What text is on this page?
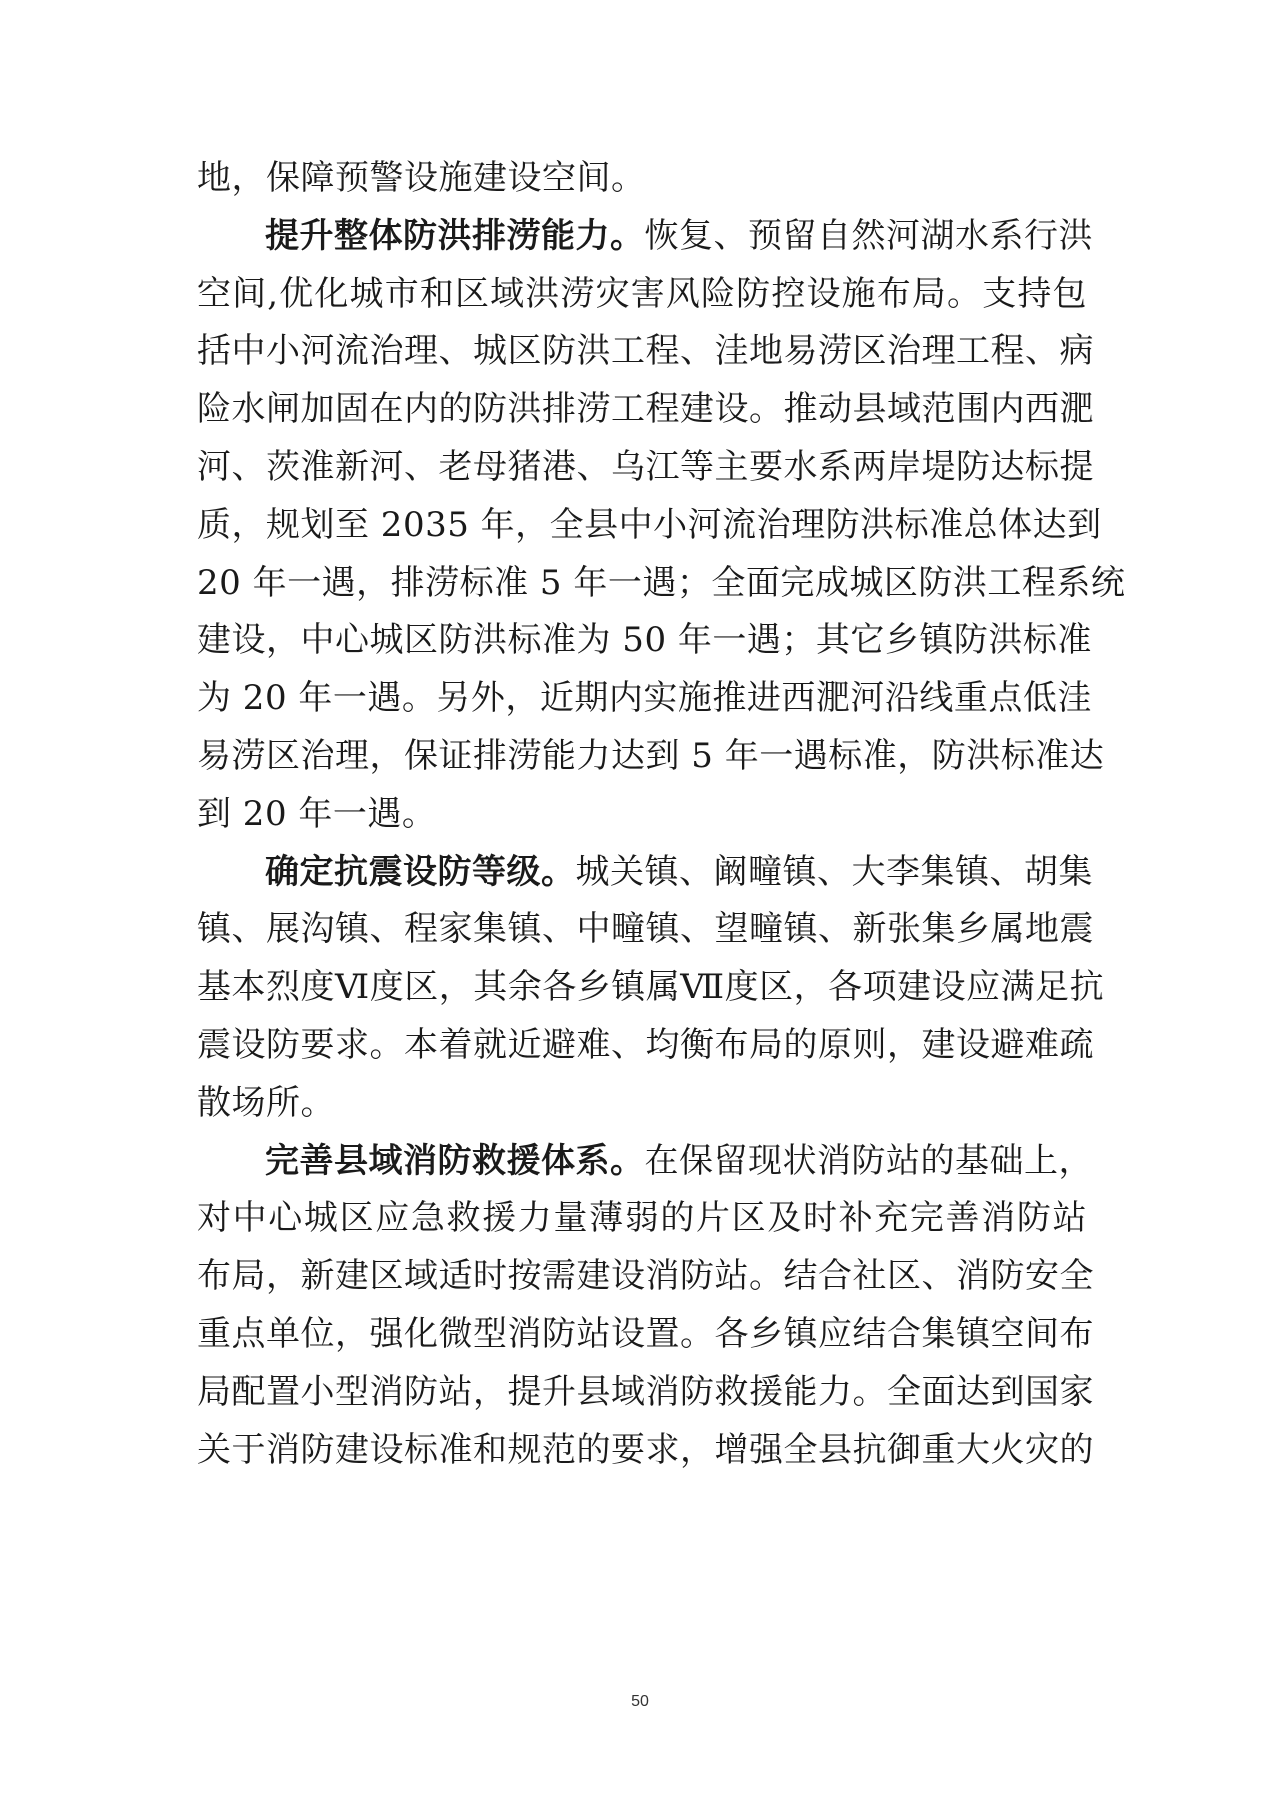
地，保障预警设施建设空间。
提升整体防洪排涝能力。恢复、预留自然河湖水系行洪
空间,优化城市和区域洪涝灾害风险防控设施布局。支持包
括中小河流治理、城区防洪工程、洼地易涝区治理工程、病
险水闸加固在内的防洪排涝工程建设。推动县域范围内西淝
河、茨淮新河、老母猪港、乌江等主要水系两岸堤防达标提
质，规划至 2035 年，全县中小河流治理防洪标准总体达到
20 年一遇，排涝标准 5 年一遇；全面完成城区防洪工程系统
建设，中心城区防洪标准为 50 年一遇；其它乡镇防洪标准
为 20 年一遇。另外，近期内实施推进西淝河沿线重点低洼
易涝区治理，保证排涝能力达到 5 年一遇标准，防洪标准达
到 20 年一遇。
确定抗震设防等级。城关镇、阚疃镇、大李集镇、胡集
镇、展沟镇、程家集镇、中疃镇、望疃镇、新张集乡属地震
基本烈度Ⅵ度区，其余各乡镇属Ⅶ度区，各项建设应满足抗
震设防要求。本着就近避难、均衡布局的原则，建设避难疏
散场所。
完善县域消防救援体系。在保留现状消防站的基础上，
对中心城区应急救援力量薄弱的片区及时补充完善消防站
布局，新建区域适时按需建设消防站。结合社区、消防安全
重点单位，强化微型消防站设置。各乡镇应结合集镇空间布
局配置小型消防站，提升县域消防救援能力。全面达到国家
关于消防建设标准和规范的要求，增强全县抗御重大火灾的
50
